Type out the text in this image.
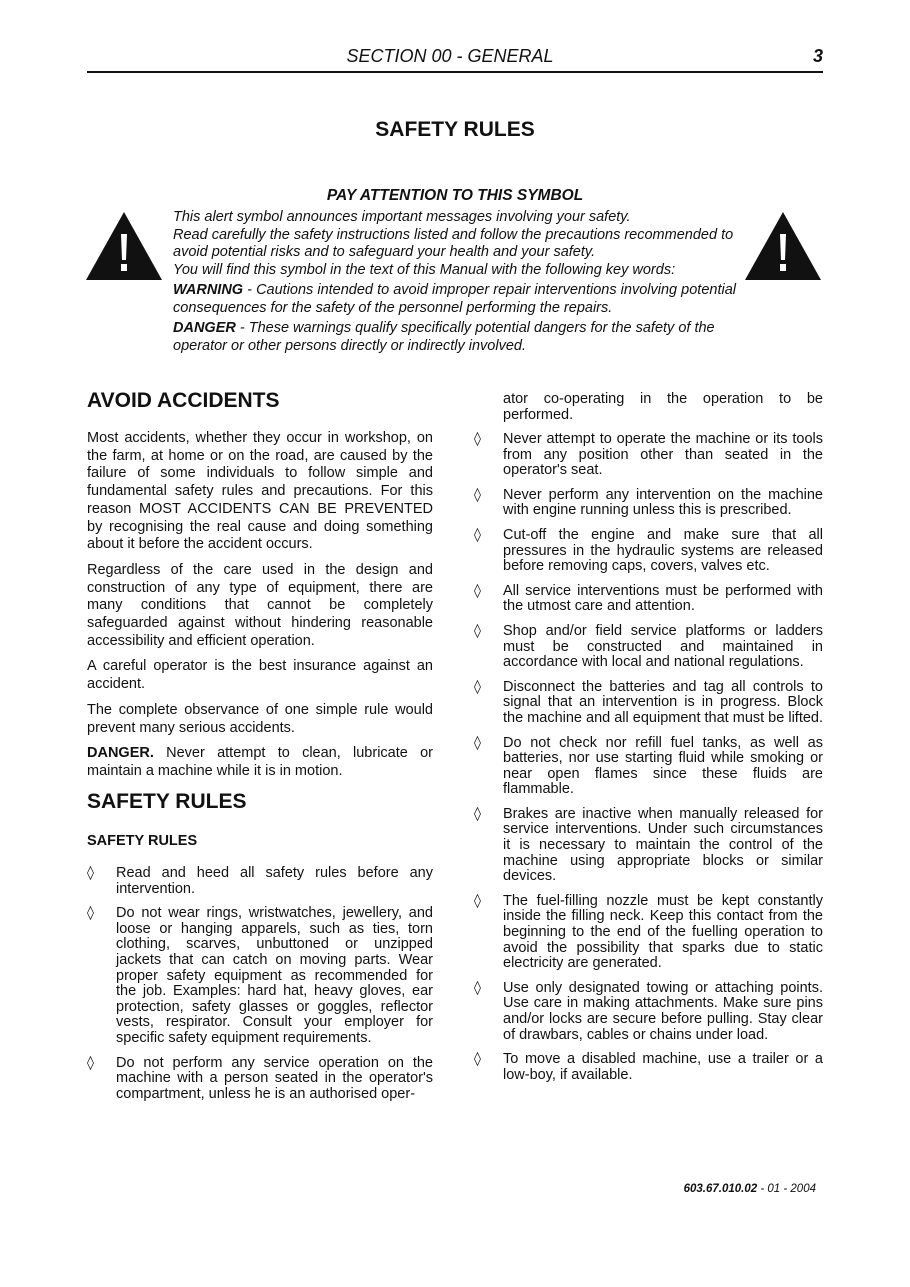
SECTION 00 - GENERAL	3
SAFETY RULES
PAY ATTENTION TO THIS SYMBOL

This alert symbol announces important messages involving your safety.

Read carefully the safety instructions listed and follow the precautions recommended to avoid potential risks and to safeguard your health and your safety.

You will find this symbol in the text of this Manual with the following key words:

WARNING - Cautions intended to avoid improper repair interventions involving potential consequences for the safety of the personnel performing the repairs.

DANGER - These warnings qualify specifically potential dangers for the safety of the operator or other persons directly or indirectly involved.

AVOID ACCIDENTS

Most accidents, whether they occur in workshop, on the farm, at home or on the road, are caused by the failure of some individuals to follow simple and fundamental safety rules and precautions. For this reason MOST ACCIDENTS CAN BE PREVENTED by recognising the real cause and doing something about it before the accident occurs.

Regardless of the care used in the design and construction of any type of equipment, there are many conditions that cannot be completely safeguarded against without hindering reasonable accessibility and efficient operation.

A careful operator is the best insurance against an accident.

The complete observance of one simple rule would prevent many serious accidents.

DANGER. Never attempt to clean, lubricate or maintain a machine while it is in motion.

SAFETY RULES
SAFETY RULES
◊ Read and heed all safety rules before any intervention.
◊ Do not wear rings, wristwatches, jewellery, and loose or hanging apparels, such as ties, torn clothing, scarves, unbuttoned or unzipped jackets that can catch on moving parts. Wear proper safety equipment as recommended for the job. Examples: hard hat, heavy gloves, ear protection, safety glasses or goggles, reflector vests, respirator. Consult your employer for specific safety equipment requirements.
◊ Do not perform any service operation on the machine with a person seated in the operator's compartment, unless he is an authorised oper-
ator co-operating in the operation to be performed.
◊ Never attempt to operate the machine or its tools from any position other than seated in the operator's seat.
◊ Never perform any intervention on the machine with engine running unless this is prescribed.
◊ Cut-off the engine and make sure that all pressures in the hydraulic systems are released before removing caps, covers, valves etc.
◊ All service interventions must be performed with the utmost care and attention.
◊ Shop and/or field service platforms or ladders must be constructed and maintained in accordance with local and national regulations.
◊ Disconnect the batteries and tag all controls to signal that an intervention is in progress. Block the machine and all equipment that must be lifted.
◊ Do not check nor refill fuel tanks, as well as batteries, nor use starting fluid while smoking or near open flames since these fluids are flammable.
◊ Brakes are inactive when manually released for service interventions. Under such circumstances it is necessary to maintain the control of the machine using appropriate blocks or similar devices.
◊ The fuel-filling nozzle must be kept constantly inside the filling neck. Keep this contact from the beginning to the end of the fuelling operation to avoid the possibility that sparks due to static electricity are generated.
◊ Use only designated towing or attaching points. Use care in making attachments. Make sure pins and/or locks are secure before pulling. Stay clear of drawbars, cables or chains under load.
◊ To move a disabled machine, use a trailer or a low-boy, if available.
603.67.010.02 - 01 - 2004
